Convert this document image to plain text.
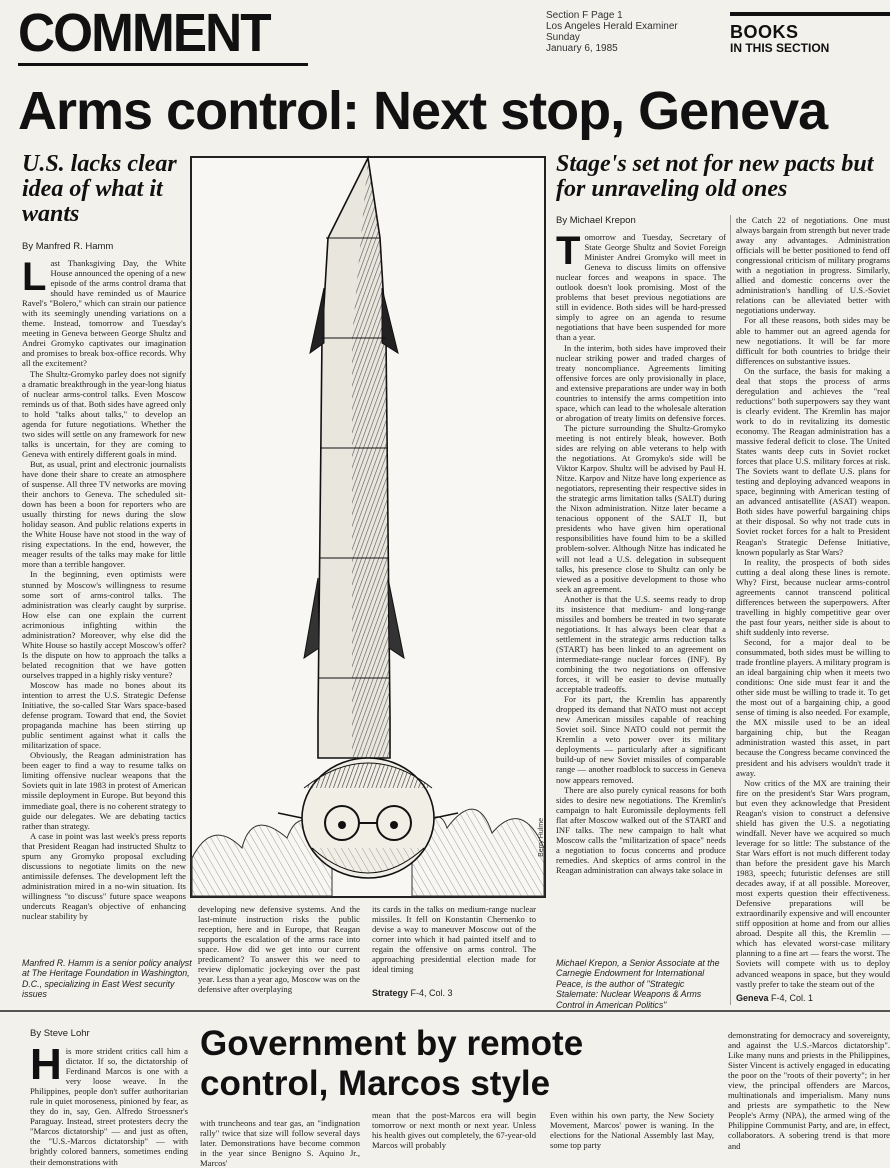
COMMENT	Section F Page 1
Los Angeles Herald Examiner
Sunday
January 6, 1985
BOOKS
IN THIS SECTION
Arms control: Next stop, Geneva
U.S. lacks clear idea of what it wants
By Manfred R. Hamm
L ast Thanksgiving Day, the White House announced the opening of a new episode of the arms control drama that should have reminded us of Maurice Ravel's "Bolero," which can strain our patience with its seemingly unending variations on a theme. Instead, tomorrow and Tuesday's meeting in Geneva between George Shultz and Andrei Gromyko captivates our imagination and promises to break box-office records. Why all the excitement?

The Shultz-Gromyko parley does not signify a dramatic breakthrough in the year-long hiatus of nuclear arms-control talks. Even Moscow reminds us of that. Both sides have agreed only to hold "talks about talks," to develop an agenda for future negotiations. Whether the two sides will settle on any framework for new talks is uncertain, for they are coming to Geneva with entirely different goals in mind.

But, as usual, print and electronic journalists have done their share to create an atmosphere of suspense. All three TV networks are moving their anchors to Geneva. The scheduled sit-down has been a boon for reporters who are usually thirsting for news during the slow holiday season. And public relations experts in the White House have not stood in the way of rising expectations. In the end, however, the meager results of the talks may make for little more than a terrible hangover.

In the beginning, even optimists were stunned by Moscow's willingness to resume some sort of arms-control talks. The administration was clearly caught by surprise. How else can one explain the current acrimonious infighting within the administration? Moreover, why else did the White House so hastily accept Moscow's offer? Is the dispute on how to approach the talks a belated recognition that we have gotten ourselves trapped in a highly risky venture?

Moscow has made no bones about its intention to arrest the U.S. Strategic Defense Initiative, the so-called Star Wars space-based defense program. Toward that end, the Soviet propaganda machine has been stirring up public sentiment against what it calls the militarization of space.

Obviously, the Reagan administration has been eager to find a way to resume talks on limiting offensive nuclear weapons that the Soviets quit in late 1983 in protest of American missile deployment in Europe. But beyond this immediate goal, there is no coherent strategy to guide our delegates. We are debating tactics rather than strategy.

A case in point was last week's press reports that President Reagan had instructed Shultz to spurn any Gromyko proposal excluding discussions to negotiate limits on the new antimissile defenses. The development left the administration mired in a no-win situation. Its willingness "to discuss" future space weapons undercuts Reagan's objective of enhancing nuclear stability by

Manfred R. Hamm is a senior policy analyst at The Heritage Foundation in Washington, D.C., specializing in East West security issues
Berry Hulme
developing new defensive systems. And the last-minute instruction risks the public reception, here and in Europe, that Reagan supports the escalation of the arms race into space. How did we get into our current predicament? To answer this we need to review diplomatic jockeying over the past year. Less than a year ago, Moscow was on the defensive after overplaying
its cards in the talks on medium-range nuclear missiles. It fell on Konstantin Chernenko to devise a way to maneuver Moscow out of the corner into which it had painted itself and to regain the offensive on arms control. The approaching presidential election made for ideal timing
Strategy F-4, Col. 3
Stage's set not for new pacts but for unraveling old ones
By Michael Krepon
T omorrow and Tuesday, Secretary of State George Shultz and Soviet Foreign Minister Andrei Gromyko will meet in Geneva to discuss limits on offensive nuclear forces and weapons in space. The outlook doesn't look promising. Most of the problems that beset previous negotiations are still in evidence. Both sides will be hard-pressed simply to agree on an agenda to resume negotiations that have been suspended for more than a year.

In the interim, both sides have improved their nuclear striking power and traded charges of treaty noncompliance. Agreements limiting offensive forces are only provisionally in place, and extensive preparations are under way in both countries to intensify the arms competition into space, which can lead to the wholesale alteration or abrogation of treaty limits on defensive forces.

The picture surrounding the Shultz-Gromyko meeting is not entirely bleak, however. Both sides are relying on able veterans to help with the negotiations. At Gromyko's side will be Viktor Karpov. Shultz will be advised by Paul H. Nitze. Karpov and Nitze have long experience as negotiators, representing their respective sides in the strategic arms limitation talks (SALT) during the Nixon administration. Nitze later became a tenacious opponent of the SALT II, but presidents who have given him operational responsibilities have found him to be a skilled problem-solver. Although Nitze has indicated he will not lead a U.S. delegation in subsequent talks, his presence close to Shultz can only be viewed as a positive development to those who seek an agreement.

Another is that the U.S. seems ready to drop its insistence that medium- and long-range missiles and bombers be treated in two separate negotiations. It has always been clear that a settlement in the strategic arms reduction talks (START) has been linked to an agreement on intermediate-range nuclear forces (INF). By combining the two negotiations on offensive forces, it will be easier to devise mutually acceptable tradeoffs.

For its part, the Kremlin has apparently dropped its demand that NATO must not accept new American missiles capable of reaching Soviet soil. Since NATO could not permit the Kremlin a veto power over its military deployments — particularly after a significant build-up of new Soviet missiles of comparable range — another roadblock to success in Geneva now appears removed.

There are also purely cynical reasons for both sides to desire new negotiations. The Kremlin's campaign to halt Euromissile deployments fell flat after Moscow walked out of the START and INF talks. The new campaign to halt what Moscow calls the "militarization of space" needs a negotiation to focus concerns and produce remedies. And skeptics of arms control in the Reagan administration can always take solace in

Michael Krepon, a Senior Associate at the Carnegie Endowment for International Peace, is the author of "Strategic Stalemate: Nuclear Weapons & Arms Control in American Politics"

the Catch 22 of negotiations. One must always bargain from strength but never trade away any advantages. Administration officials will be better positioned to fend off congressional criticism of military programs with a negotiation in progress. Similarly, allied and domestic concerns over the administration's handling of U.S.-Soviet relations can be alleviated better with negotiations underway.

For all these reasons, both sides may be able to hammer out an agreed agenda for new negotiations. It will be far more difficult for both countries to bridge their differences on substantive issues.

On the surface, the basis for making a deal that stops the process of arms deregulation and achieves the "real reductions" both superpowers say they want is clearly evident. The Kremlin has major work to do in revitalizing its domestic economy. The Reagan administration has a massive federal deficit to close. The United States wants deep cuts in Soviet rocket forces that place U.S. military forces at risk. The Soviets want to deflate U.S. plans for testing and deploying advanced weapons in space, beginning with American testing of an advanced antisatellite (ASAT) weapon. Both sides have powerful bargaining chips at their disposal. So why not trade cuts in Soviet rocket forces for a halt to President Reagan's Strategic Defense Initiative, known popularly as Star Wars?

In reality, the prospects of both sides cutting a deal along these lines is remote. Why? First, because nuclear arms-control agreements cannot transcend political differences between the superpowers. After travelling in highly competitive gear over the past four years, neither side is about to shift suddenly into reverse.

Second, for a major deal to be consummated, both sides must be willing to trade frontline players. A military program is an ideal bargaining chip when it meets two conditions: One side must fear it and the other side must be willing to trade it. To get the most out of a bargaining chip, a good sense of timing is also needed. For example, the MX missile used to be an ideal bargaining chip, but the Reagan administration wasted this asset, in part because the Congress became convinced the president and his advisers wouldn't trade it away.

Now critics of the MX are training their fire on the president's Star Wars program, but even they acknowledge that President Reagan's vision to construct a defensive shield has given the U.S. a negotiating windfall. Never have we acquired so much leverage for so little: The substance of the Star Wars effort is not much different today than before the president gave his March 1983, speech; futuristic defenses are still decades away, if at all possible. Moreover, most experts question their effectiveness. Defensive preparations will be extraordinarily expensive and will encounter stiff opposition at home and from our allies abroad. Despite all this, the Kremlin — which has elevated worst-case military planning to a fine art — fears the worst. The Soviets will compete with us to deploy advanced weapons in space, but they would vastly prefer to take the steam out of the

Geneva F-4, Col. 1
By Steve Lohr
H is more strident critics call him a dictator. If so, the dictatorship of Ferdinand Marcos is one with a very loose weave. In the Philippines, people don't suffer authoritarian rule in quiet moroseness, pinioned by fear, as they do in, say, Gen. Alfredo Stroessner's Paraguay. Instead, street protesters decry the "Marcos dictatorship" — and just as often, the "U.S.-Marcos dictatorship" — with brightly colored banners, sometimes ending their demonstrations with

Government by remote control, Marcos style
with truncheons and tear gas, an "indignation rally" twice that size will follow several days later. Demonstrations have become common in the year since Benigno S. Aquino Jr., Marcos'
mean that the post-Marcos era will begin tomorrow or next month or next year. Unless his health gives out completely, the 67-year-old Marcos will probably
Even within his own party, the New Society Movement, Marcos' power is waning. In the elections for the National Assembly last May, some top party
demonstrating for democracy and sovereignty, and against the U.S.-Marcos dictatorship". Like many nuns and priests in the Philippines, Sister Vincent is actively engaged in educating the poor on the "roots of their poverty"; in her view, the principal offenders are Marcos, multinationals and imperialism. Many nuns and priests are sympathetic to the New People's Army (NPA), the armed wing of the Philippine Communist Party, and are, in effect, collaborators. A sobering trend is that more and
